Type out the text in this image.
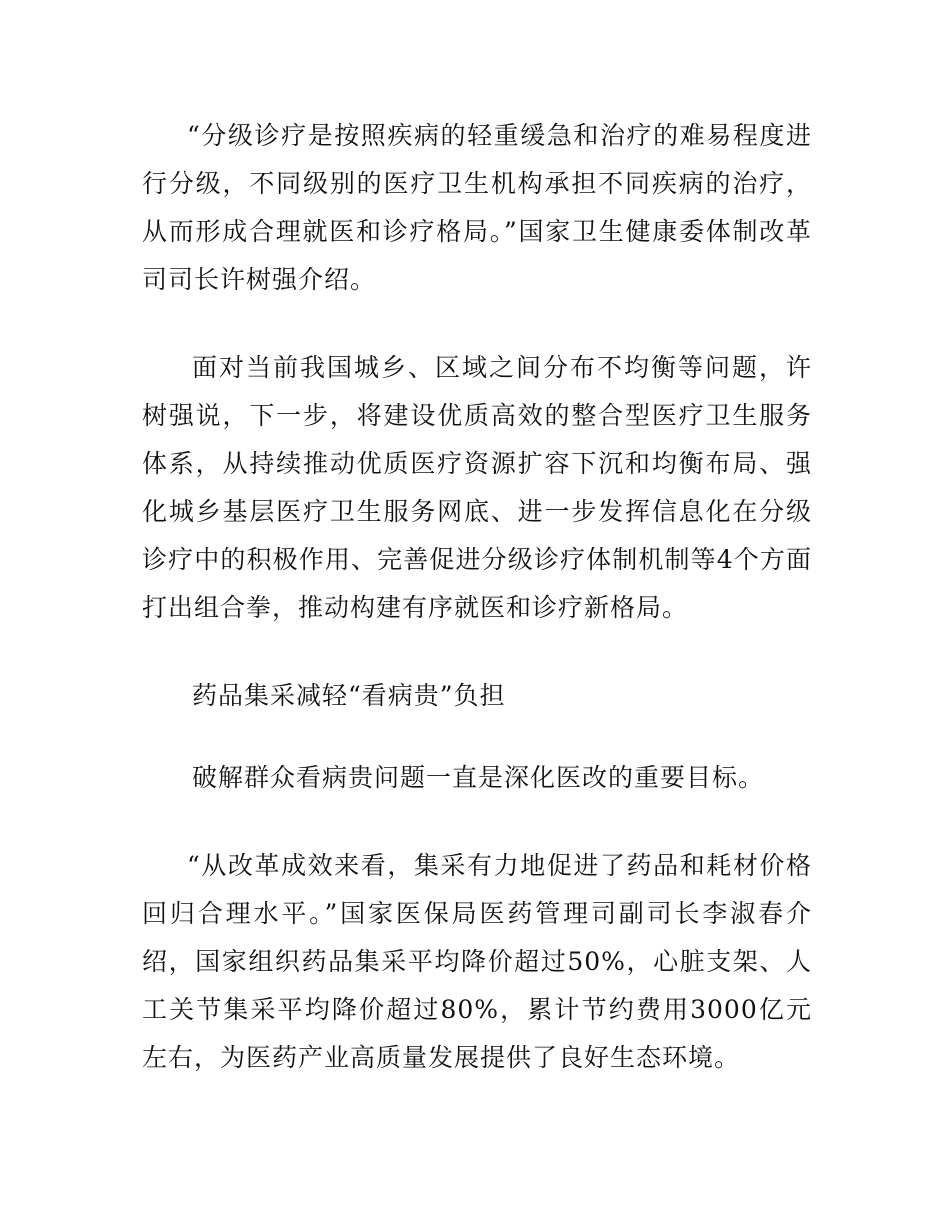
“分级诊疗是按照疾病的轻重缓急和治疗的难易程度进行分级，不同级别的医疗卫生机构承担不同疾病的治疗，从而形成合理就医和诊疗格局。”国家卫生健康委体制改革司司长许树强介绍。

面对当前我国城乡、区域之间分布不均衡等问题，许树强说，下一步，将建设优质高效的整合型医疗卫生服务体系，从持续推动优质医疗资源扩容下沉和均衡布局、强化城乡基层医疗卫生服务网底、进一步发挥信息化在分级诊疗中的积极作用、完善促进分级诊疗体制机制等4个方面打出组合拳，推动构建有序就医和诊疗新格局。

药品集采减轻“看病贵”负担

破解群众看病贵问题一直是深化医改的重要目标。

“从改革成效来看，集采有力地促进了药品和耗材价格回归合理水平。”国家医保局医药管理司副司长李淑春介绍，国家组织药品集采平均降价超过50%，心脏支架、人工关节集采平均降价超过80%，累计节约费用3000亿元左右，为医药产业高质量发展提供了良好生态环境。
